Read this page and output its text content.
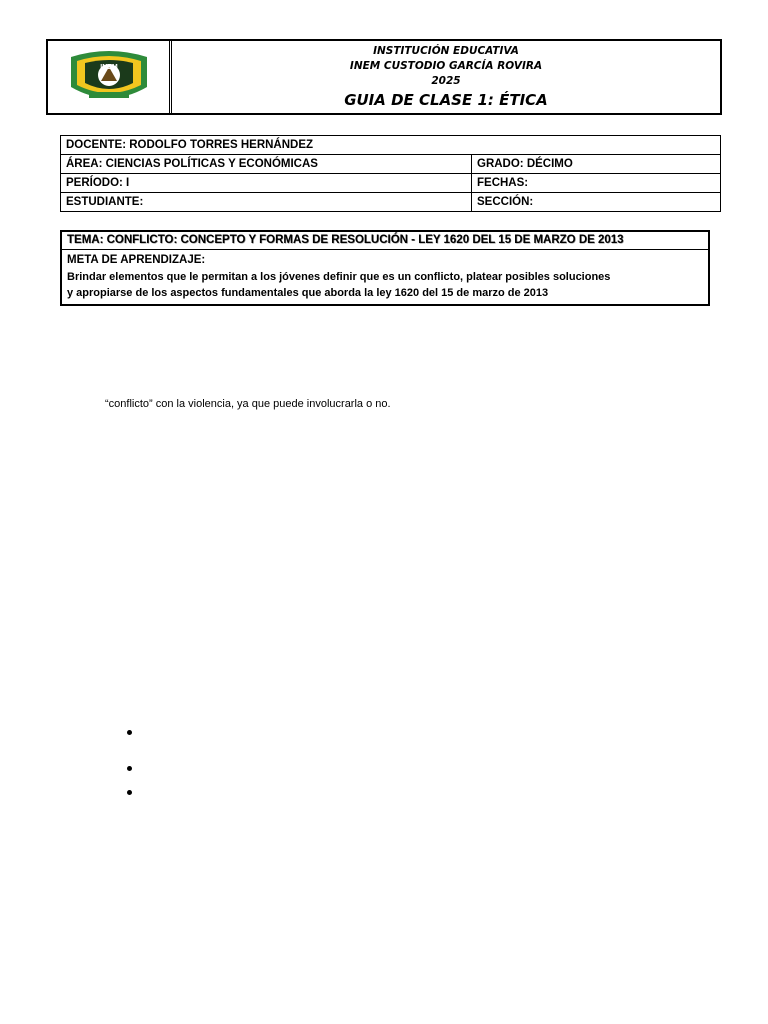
INEM
INSTITUCIÓN EDUCATIVA
INEM CUSTODIO GARCÍA ROVIRA
2025
GUIA DE CLASE 1: ÉTICA
DOCENTE: RODOLFO TORRES HERNÁNDEZ	
ÁREA: CIENCIAS POLÍTICAS Y ECONÓMICAS	GRADO: DÉCIMO
PERÍODO: I	FECHAS:
ESTUDIANTE:	SECCIÓN:
TEMA: CONFLICTO: CONCEPTO Y FORMAS DE RESOLUCIÓN - LEY 1620 DEL 15 DE MARZO DE 2013
META DE APRENDIZAJE:
Brindar elementos que le permitan a los jóvenes definir que es un conflicto, platear posibles soluciones
y apropiarse de los aspectos fundamentales que aborda la ley 1620 del 15 de marzo de 2013
“conflicto” con la violencia, ya que puede involucrarla o no.
